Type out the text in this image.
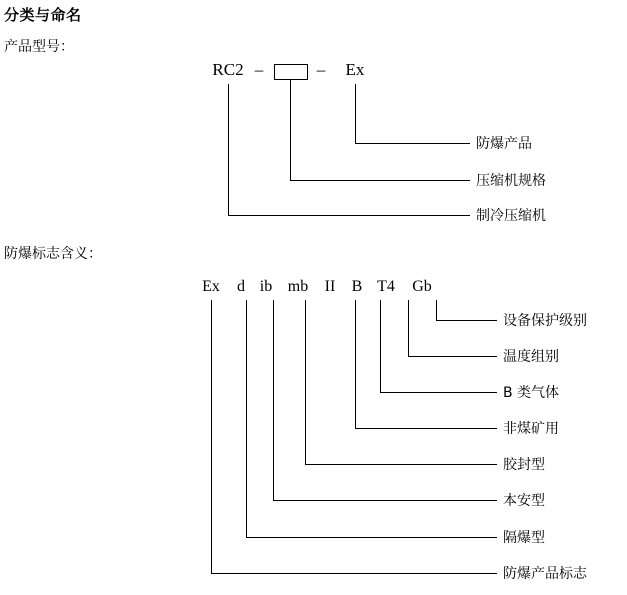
分类与命名
产品型号：
RC2 –	–	Ex
防爆产品
压缩机规格
制冷压缩机
防爆标志含义：
Ex	d ib mb II B T4	Gb
设备保护级别
温度组别
B 类气体
非煤矿用
胶封型
本安型
隔爆型
防爆产品标志
